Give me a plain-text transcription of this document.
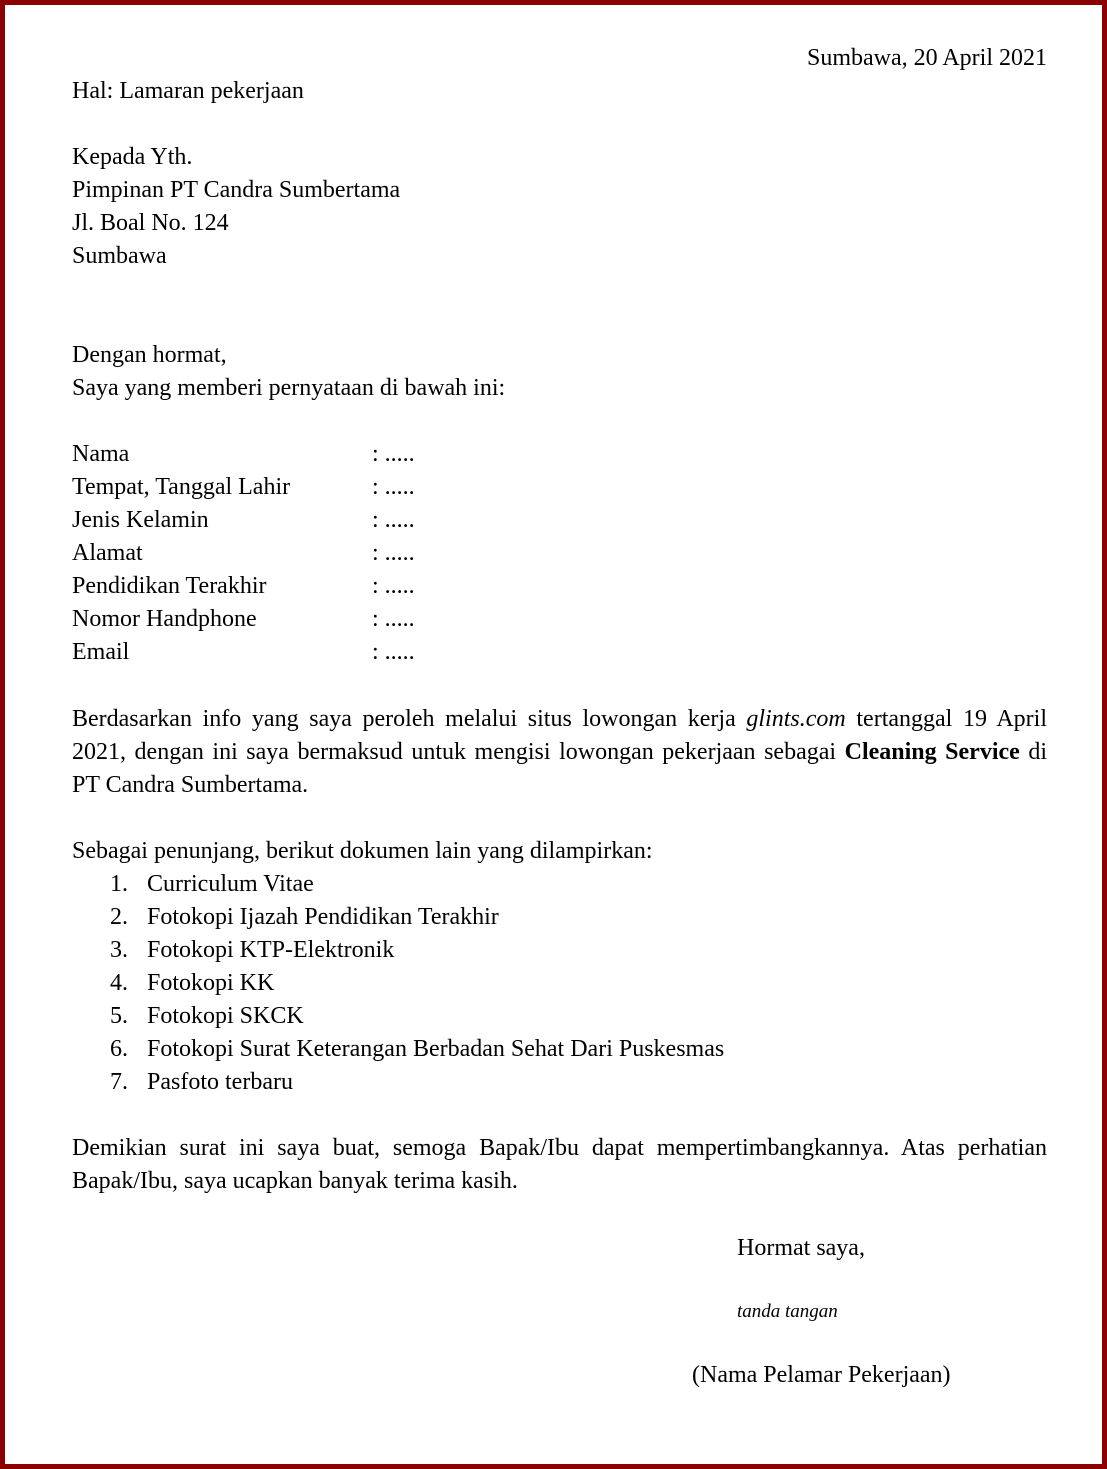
Sumbawa, 20 April 2021
Hal: Lamaran pekerjaan
Kepada Yth.
Pimpinan PT Candra Sumbertama
Jl. Boal No. 124
Sumbawa
Dengan hormat,
Saya yang memberi pernyataan di bawah ini:
Nama	: .....
Tempat, Tanggal Lahir	: .....
Jenis Kelamin	: .....
Alamat	: .....
Pendidikan Terakhir	: .....
Nomor Handphone	: .....
Email	: .....
Berdasarkan info yang saya peroleh melalui situs lowongan kerja glints.com tertanggal 19 April 2021, dengan ini saya bermaksud untuk mengisi lowongan pekerjaan sebagai Cleaning Service di PT Candra Sumbertama.
Sebagai penunjang, berikut dokumen lain yang dilampirkan:
1. Curriculum Vitae
2. Fotokopi Ijazah Pendidikan Terakhir
3. Fotokopi KTP-Elektronik
4. Fotokopi KK
5. Fotokopi SKCK
6. Fotokopi Surat Keterangan Berbadan Sehat Dari Puskesmas
7. Pasfoto terbaru
Demikian surat ini saya buat, semoga Bapak/Ibu dapat mempertimbangkannya. Atas perhatian Bapak/Ibu, saya ucapkan banyak terima kasih.
Hormat saya,
tanda tangan
(Nama Pelamar Pekerjaan)
